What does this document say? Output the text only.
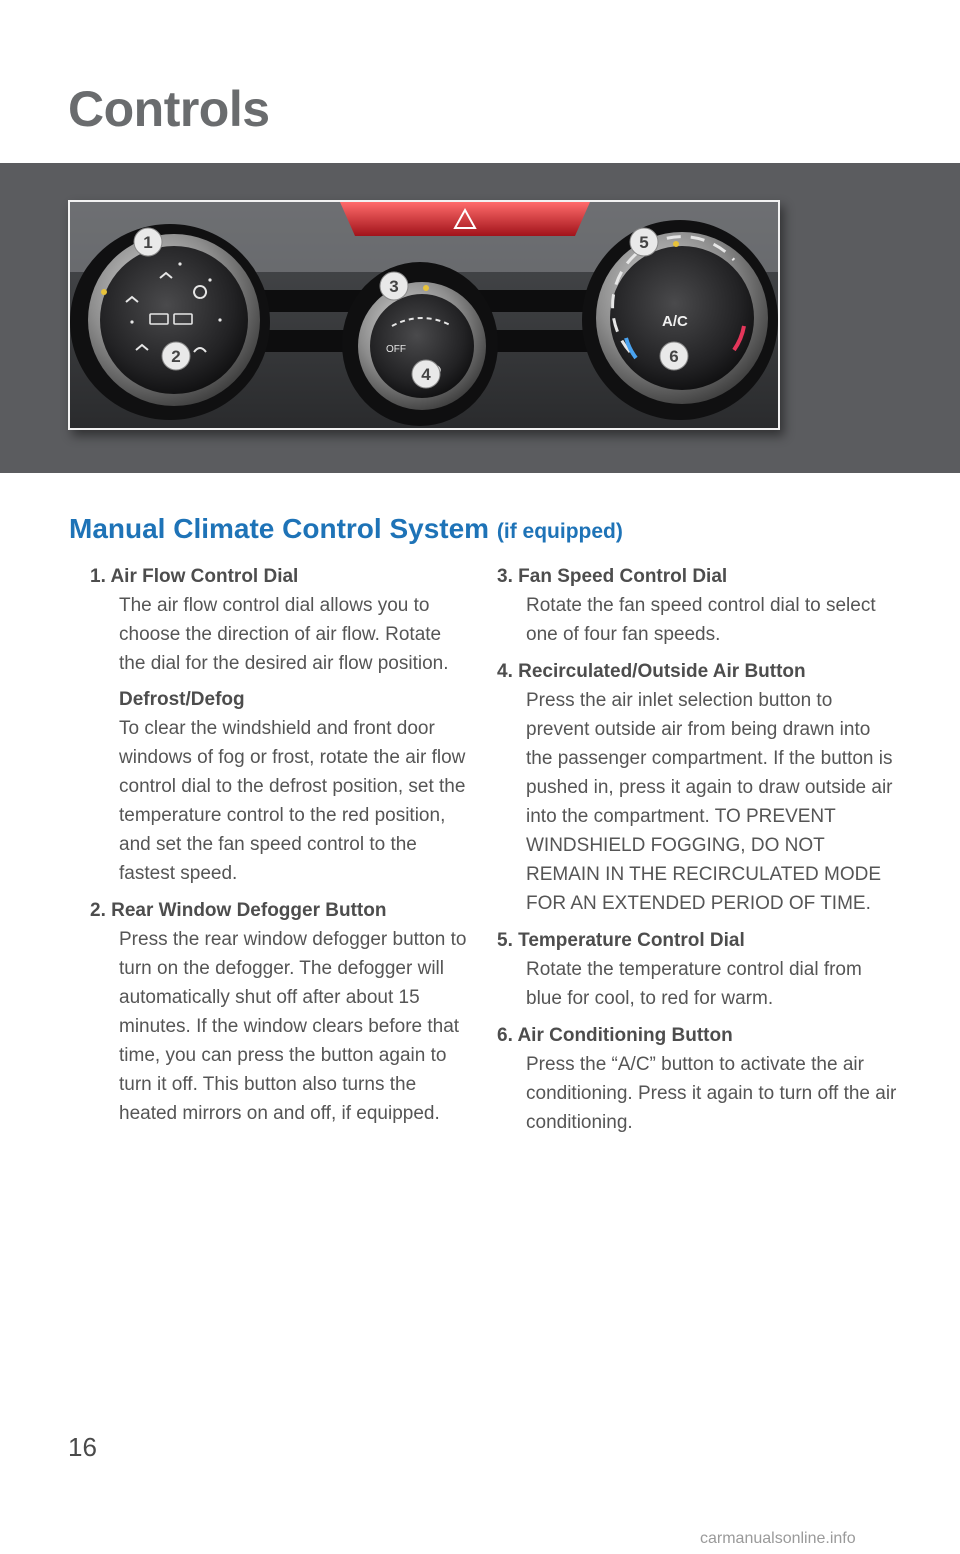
Controls
OFF
A/C
1
2
3
4
5
6
Manual Climate Control System (if equipped)
1. Air Flow Control Dial
The air flow control dial allows you to choose the direction of air flow. Rotate the dial for the desired air flow position.
Defrost/Defog
To clear the windshield and front door windows of fog or frost, rotate the air flow control dial to the defrost position, set the temperature control to the red position, and set the fan speed control to the fastest speed.
2. Rear Window Defogger Button
Press the rear window defogger button to turn on the defogger. The defogger will automatically shut off after about 15 minutes. If the window clears before that time, you can press the button again to turn it off. This button also turns the heated mirrors on and off, if equipped.
3. Fan Speed Control Dial
Rotate the fan speed control dial to select one of four fan speeds.
4. Recirculated/Outside Air Button
Press the air inlet selection button to prevent outside air from being drawn into the passenger compartment. If the button is pushed in, press it again to draw outside air into the compartment. TO PREVENT WINDSHIELD FOGGING, DO NOT REMAIN IN THE RECIRCULATED MODE FOR AN EXTENDED PERIOD OF TIME.
5. Temperature Control Dial
Rotate the temperature control dial from blue for cool, to red for warm.
6. Air Conditioning Button
Press the “A/C” button to activate the air conditioning. Press it again to turn off the air conditioning.
16
carmanualsonline.info
